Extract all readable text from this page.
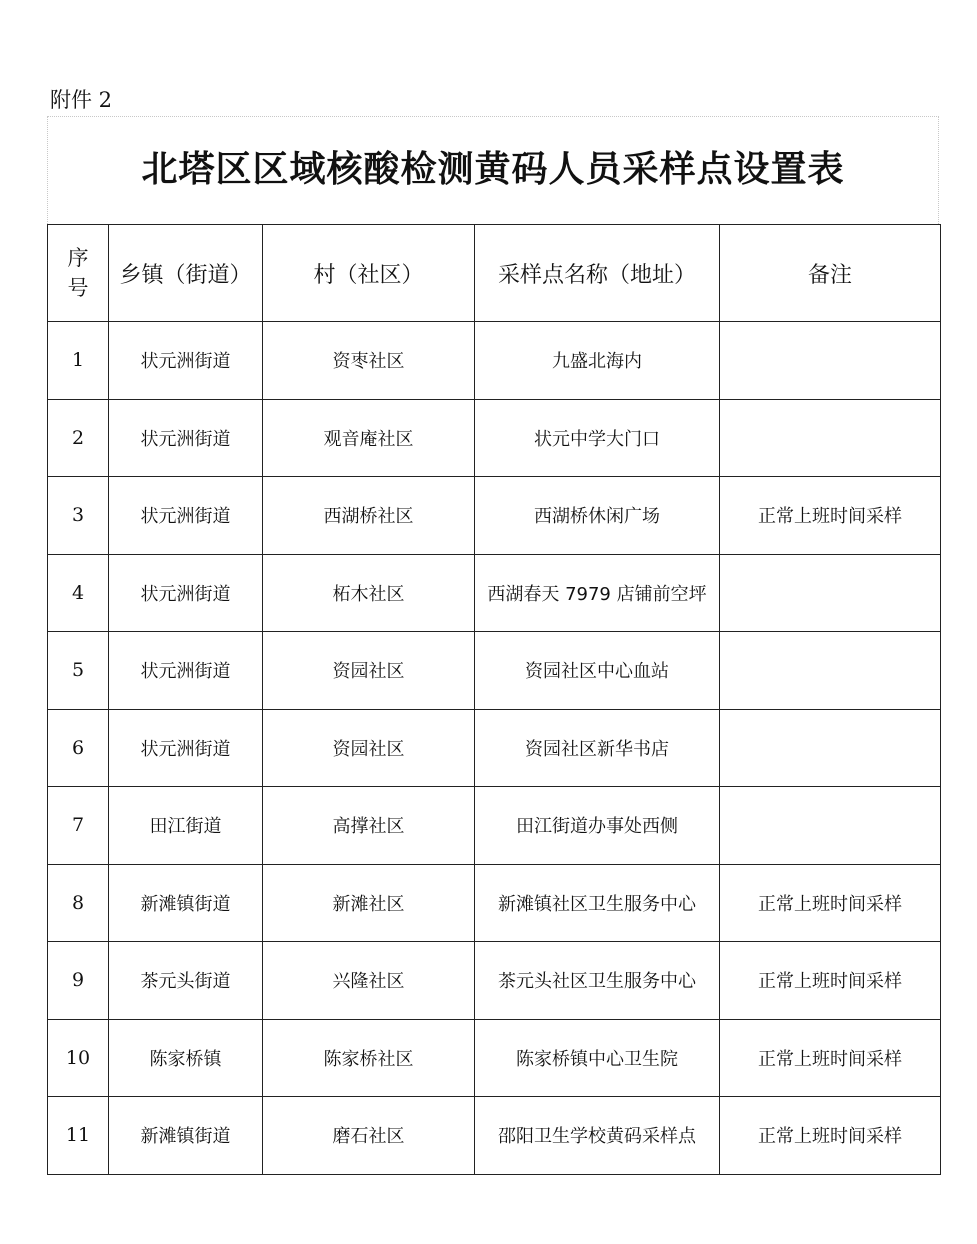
附件 2
北塔区区域核酸检测黄码人员采样点设置表
序号	乡镇（街道）	村（社区）	采样点名称（地址）	备注
1	状元洲街道	资枣社区	九盛北海内	
2	状元洲街道	观音庵社区	状元中学大门口	
3	状元洲街道	西湖桥社区	西湖桥休闲广场	正常上班时间采样
4	状元洲街道	柘木社区	西湖春天 7979 店铺前空坪	
5	状元洲街道	资园社区	资园社区中心血站	
6	状元洲街道	资园社区	资园社区新华书店	
7	田江街道	高撑社区	田江街道办事处西侧	
8	新滩镇街道	新滩社区	新滩镇社区卫生服务中心	正常上班时间采样
9	茶元头街道	兴隆社区	茶元头社区卫生服务中心	正常上班时间采样
10	陈家桥镇	陈家桥社区	陈家桥镇中心卫生院	正常上班时间采样
11	新滩镇街道	磨石社区	邵阳卫生学校黄码采样点	正常上班时间采样
